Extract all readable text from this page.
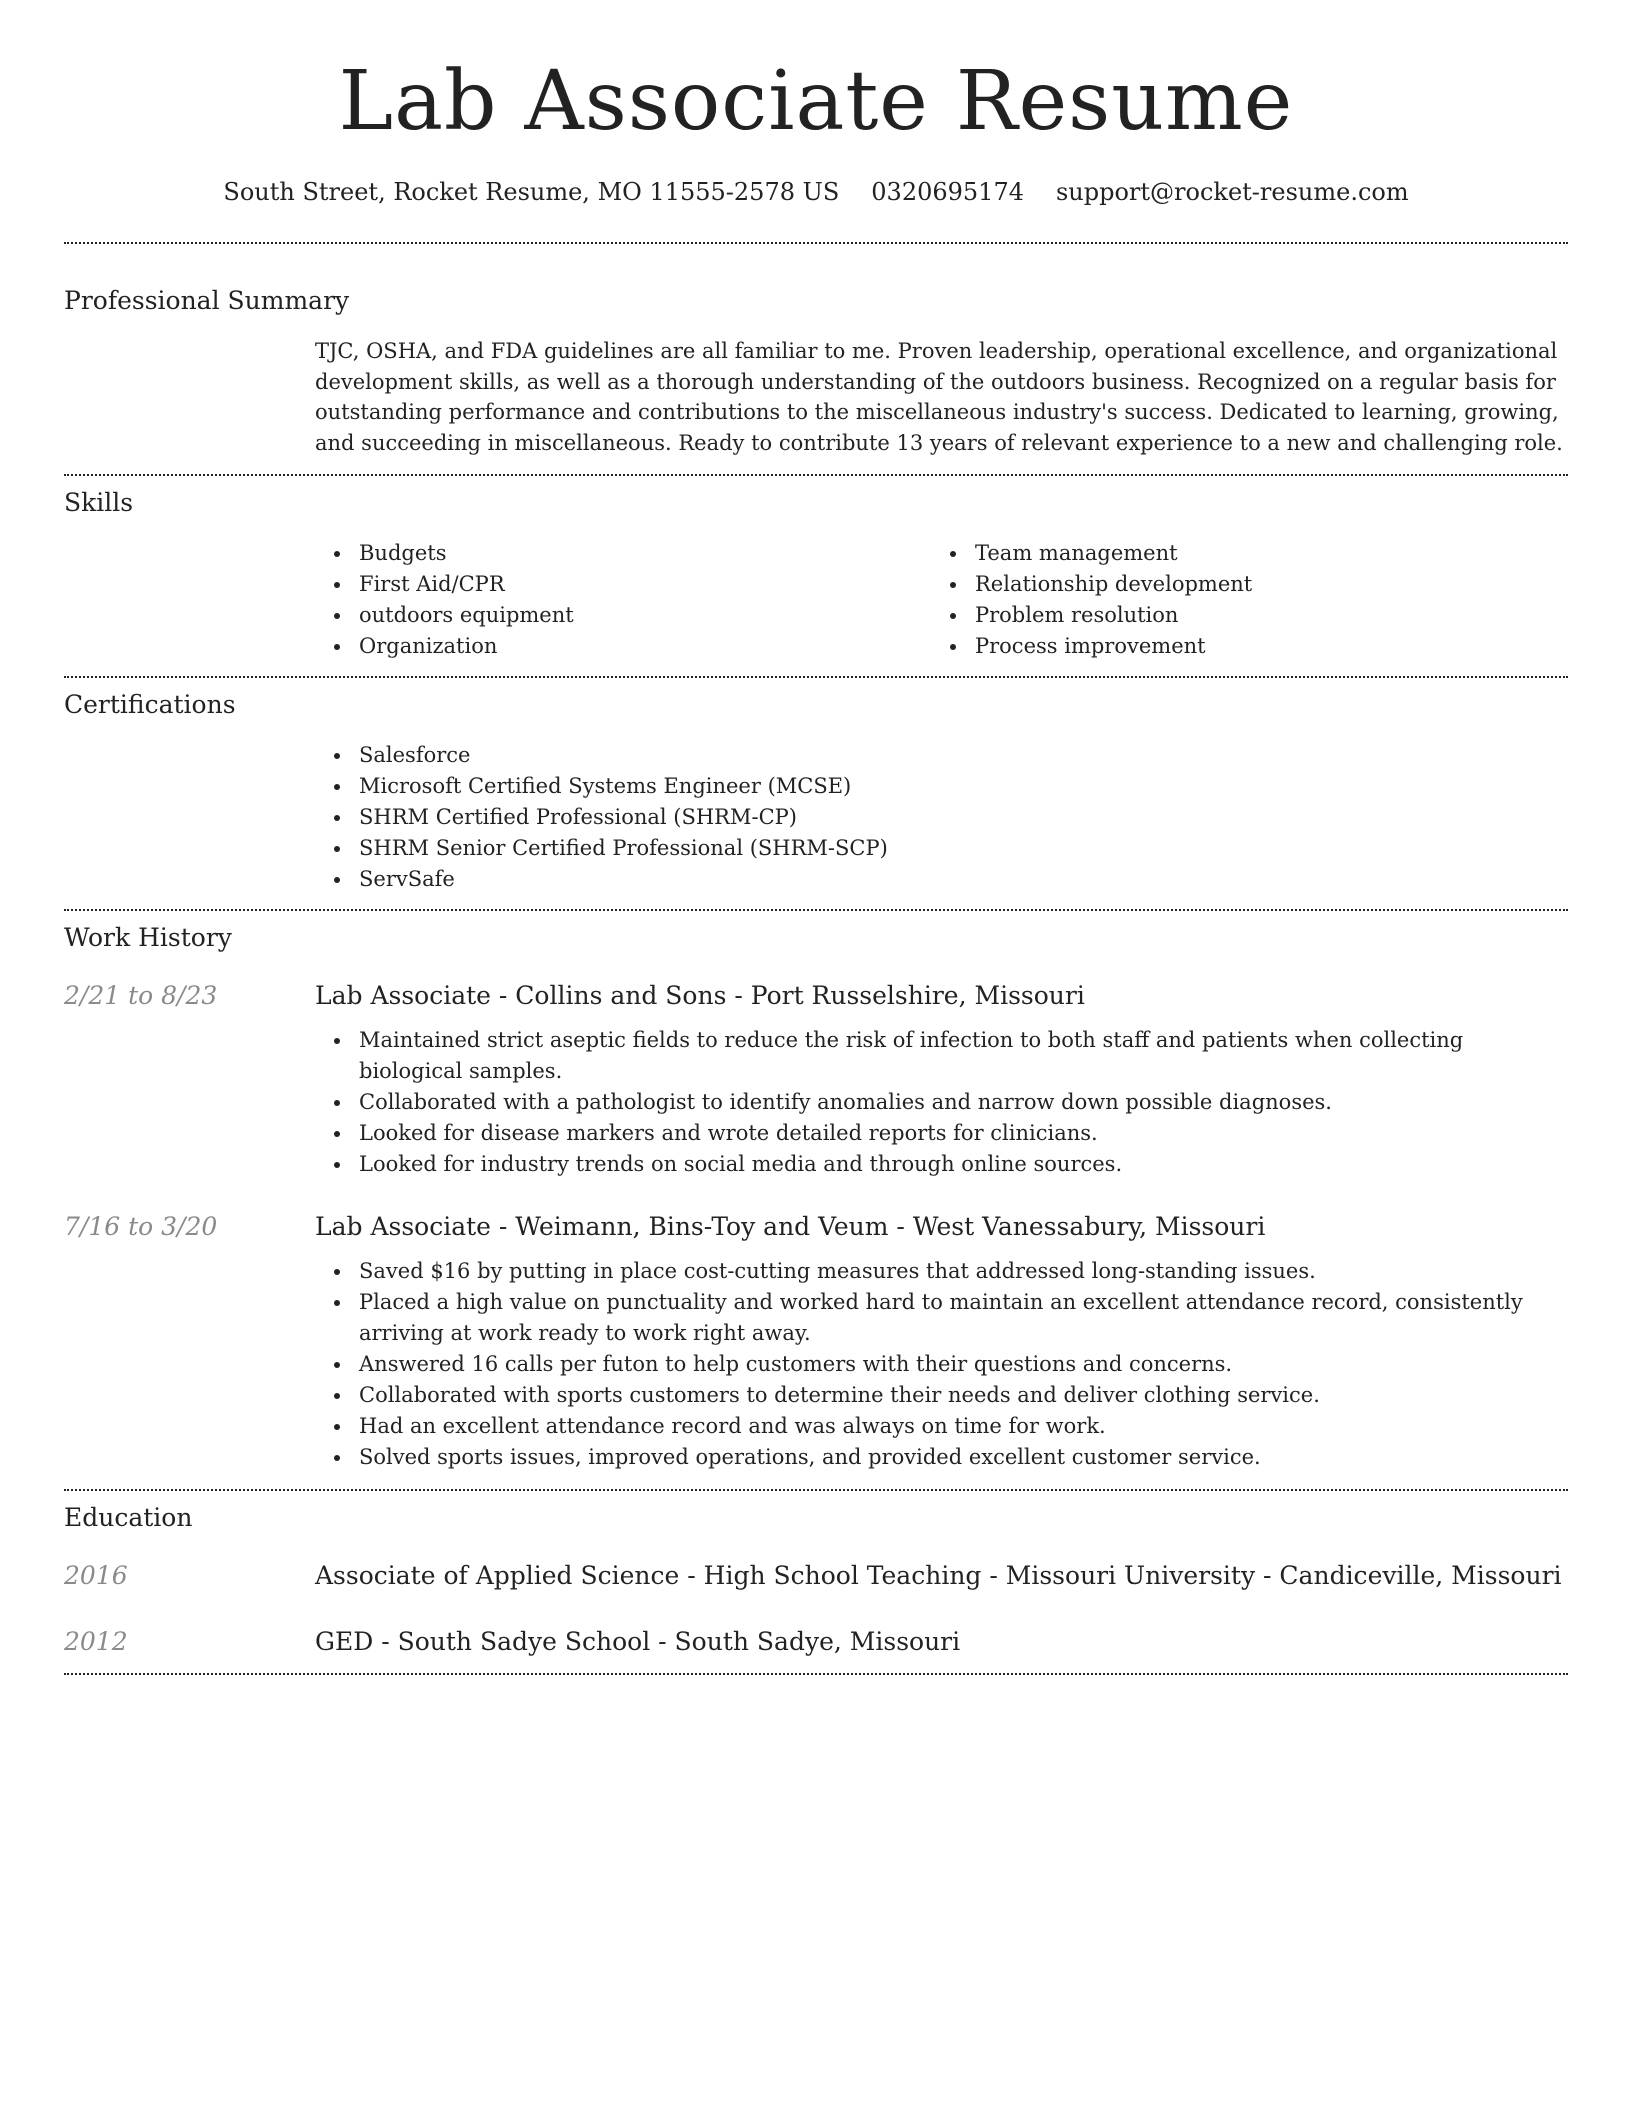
Lab Associate Resume
South Street, Rocket Resume, MO 11555-2578 US 0320695174 support@rocket-resume.com
Professional Summary
TJC, OSHA, and FDA guidelines are all familiar to me. Proven leadership, operational excellence, and organizational development skills, as well as a thorough understanding of the outdoors business. Recognized on a regular basis for outstanding performance and contributions to the miscellaneous industry's success. Dedicated to learning, growing, and succeeding in miscellaneous. Ready to contribute 13 years of relevant experience to a new and challenging role.
Skills
Budgets
First Aid/CPR
outdoors equipment
Organization
Team management
Relationship development
Problem resolution
Process improvement
Certifications
Salesforce
Microsoft Certified Systems Engineer (MCSE)
SHRM Certified Professional (SHRM-CP)
SHRM Senior Certified Professional (SHRM-SCP)
ServSafe
Work History
2/21 to 8/23	Lab Associate - Collins and Sons - Port Russelshire, Missouri
Maintained strict aseptic fields to reduce the risk of infection to both staff and patients when collecting biological samples.
Collaborated with a pathologist to identify anomalies and narrow down possible diagnoses.
Looked for disease markers and wrote detailed reports for clinicians.
Looked for industry trends on social media and through online sources.
7/16 to 3/20	Lab Associate - Weimann, Bins-Toy and Veum - West Vanessabury, Missouri
Saved $16 by putting in place cost-cutting measures that addressed long-standing issues.
Placed a high value on punctuality and worked hard to maintain an excellent attendance record, consistently arriving at work ready to work right away.
Answered 16 calls per futon to help customers with their questions and concerns.
Collaborated with sports customers to determine their needs and deliver clothing service.
Had an excellent attendance record and was always on time for work.
Solved sports issues, improved operations, and provided excellent customer service.
Education
2016	Associate of Applied Science - High School Teaching - Missouri University - Candiceville, Missouri
2012	GED - South Sadye School - South Sadye, Missouri
